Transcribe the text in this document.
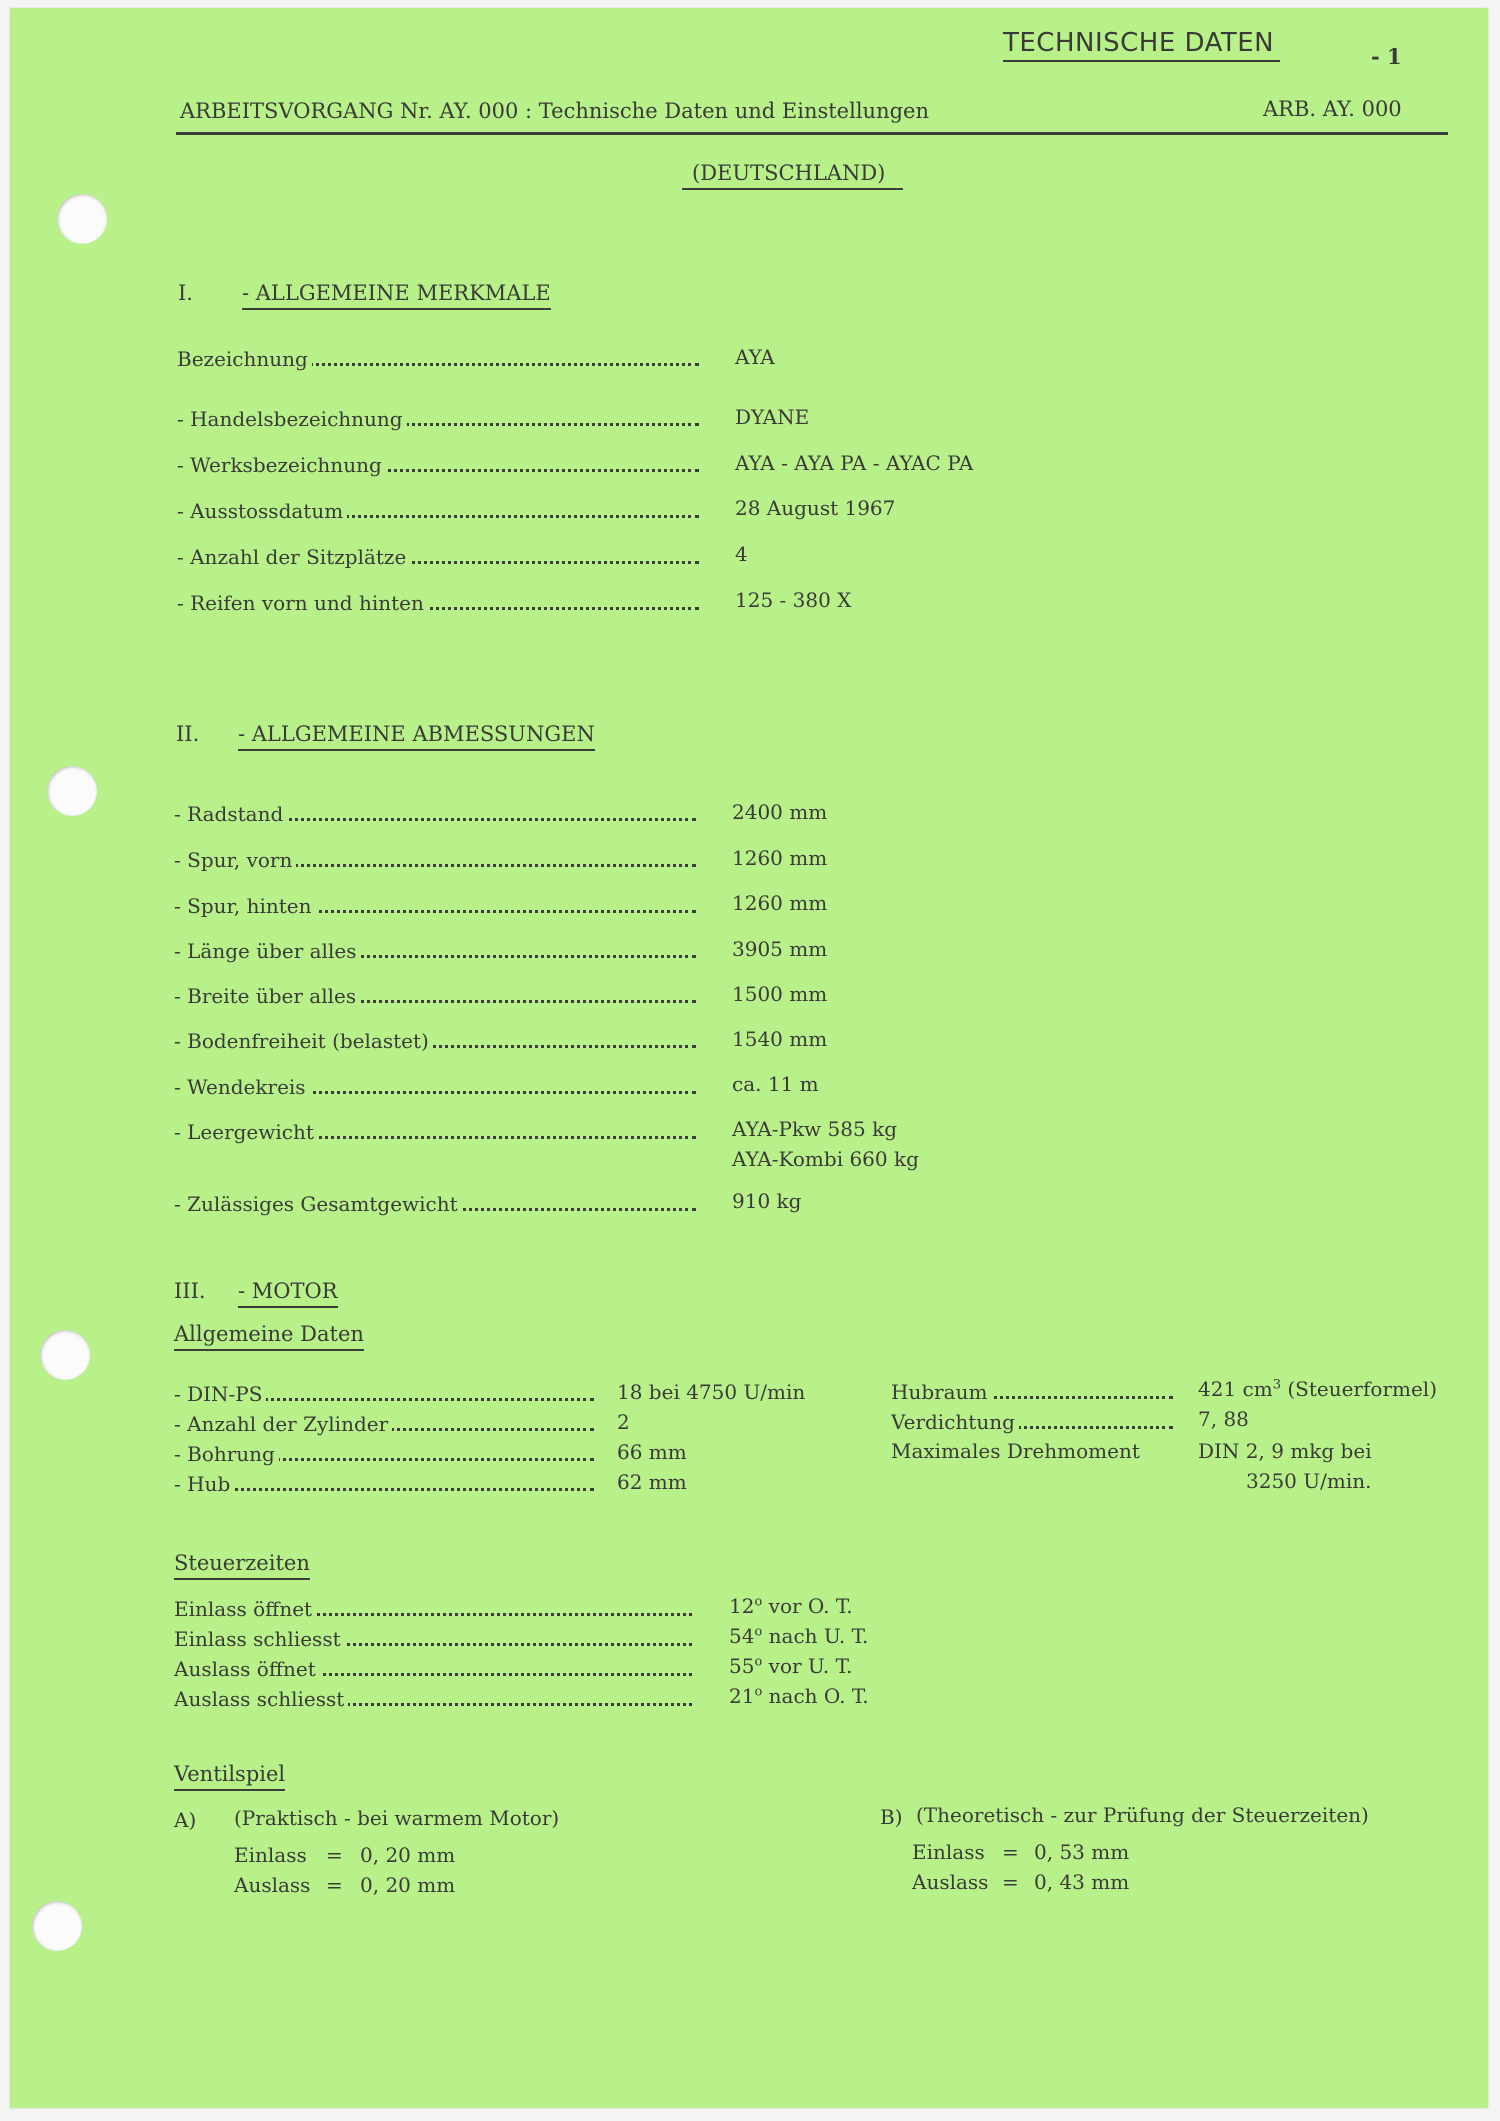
TECHNISCHE DATEN	- 1
ARBEITSVORGANG Nr. AY. 000 : Technische Daten und Einstellungen	ARB. AY. 000
(DEUTSCHLAND)
I. - ALLGEMEINE MERKMALE
Bezeichnung	AYA
- Handelsbezeichnung	DYANE
- Werksbezeichnung	AYA - AYA PA - AYAC PA
- Ausstossdatum	28 August 1967
- Anzahl der Sitzplätze	4
- Reifen vorn und hinten	125 - 380 X
II. - ALLGEMEINE ABMESSUNGEN
- Radstand	2400 mm
- Spur, vorn	1260 mm
- Spur, hinten	1260 mm
- Länge über alles	3905 mm
- Breite über alles	1500 mm
- Bodenfreiheit (belastet)	1540 mm
- Wendekreis	ca. 11 m
- Leergewicht	AYA-Pkw 585 kg
AYA-Kombi 660 kg
- Zulässiges Gesamtgewicht	910 kg
III. - MOTOR
Allgemeine Daten
- DIN-PS	18 bei 4750 U/min
- Anzahl der Zylinder	2
- Bohrung	66 mm
- Hub	62 mm
Hubraum	421 $cm^3$ (Steuerformel)
Verdichtung	7, 88
Maximales Drehmoment	DIN 2, 9 mkg bei
3250 U/min.
Steuerzeiten
Einlass öffnet	12$^o$ vor O. T.
Einlass schliesst	54$^o$ nach U. T.
Auslass öffnet	55$^o$ vor U. T.
Auslass schliesst	21$^o$ nach O. T.
Ventilspiel
A) (Praktisch - bei warmem Motor)
Einlass = 0, 20 mm
Auslass = 0, 20 mm
B) (Theoretisch - zur Prüfung der Steuerzeiten)
Einlass = 0, 53 mm
Auslass = 0, 43 mm
